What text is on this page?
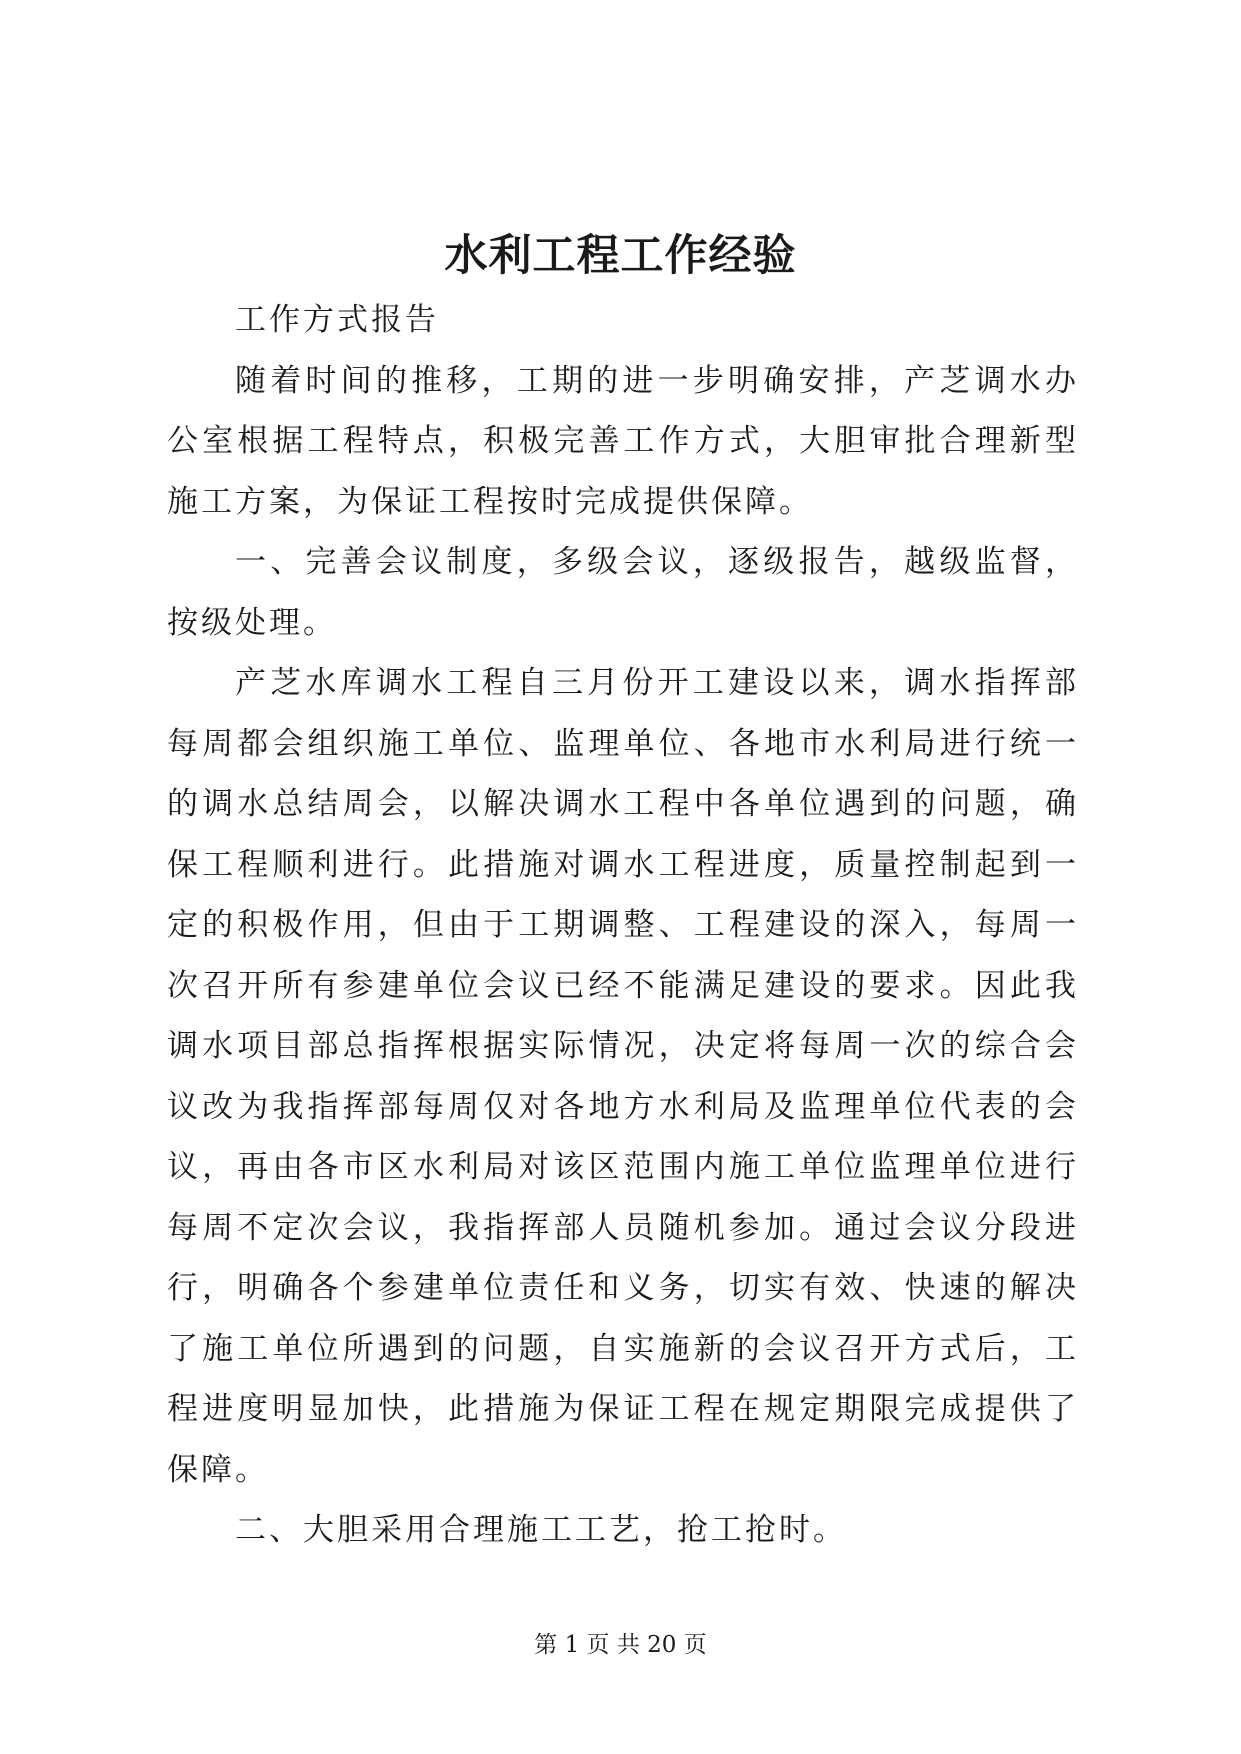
水利工程工作经验

工作方式报告

随着时间的推移，工期的进一步明确安排，产芝调水办公室根据工程特点，积极完善工作方式，大胆审批合理新型施工方案，为保证工程按时完成提供保障。

一、完善会议制度，多级会议，逐级报告，越级监督，按级处理。

产芝水库调水工程自三月份开工建设以来，调水指挥部每周都会组织施工单位、监理单位、各地市水利局进行统一的调水总结周会，以解决调水工程中各单位遇到的问题，确保工程顺利进行。此措施对调水工程进度，质量控制起到一定的积极作用，但由于工期调整、工程建设的深入，每周一次召开所有参建单位会议已经不能满足建设的要求。因此我调水项目部总指挥根据实际情况，决定将每周一次的综合会议改为我指挥部每周仅对各地方水利局及监理单位代表的会议，再由各市区水利局对该区范围内施工单位监理单位进行每周不定次会议，我指挥部人员随机参加。通过会议分段进行，明确各个参建单位责任和义务，切实有效、快速的解决了施工单位所遇到的问题，自实施新的会议召开方式后，工程进度明显加快，此措施为保证工程在规定期限完成提供了保障。

二、大胆采用合理施工工艺，抢工抢时。

第 1 页 共 20 页
